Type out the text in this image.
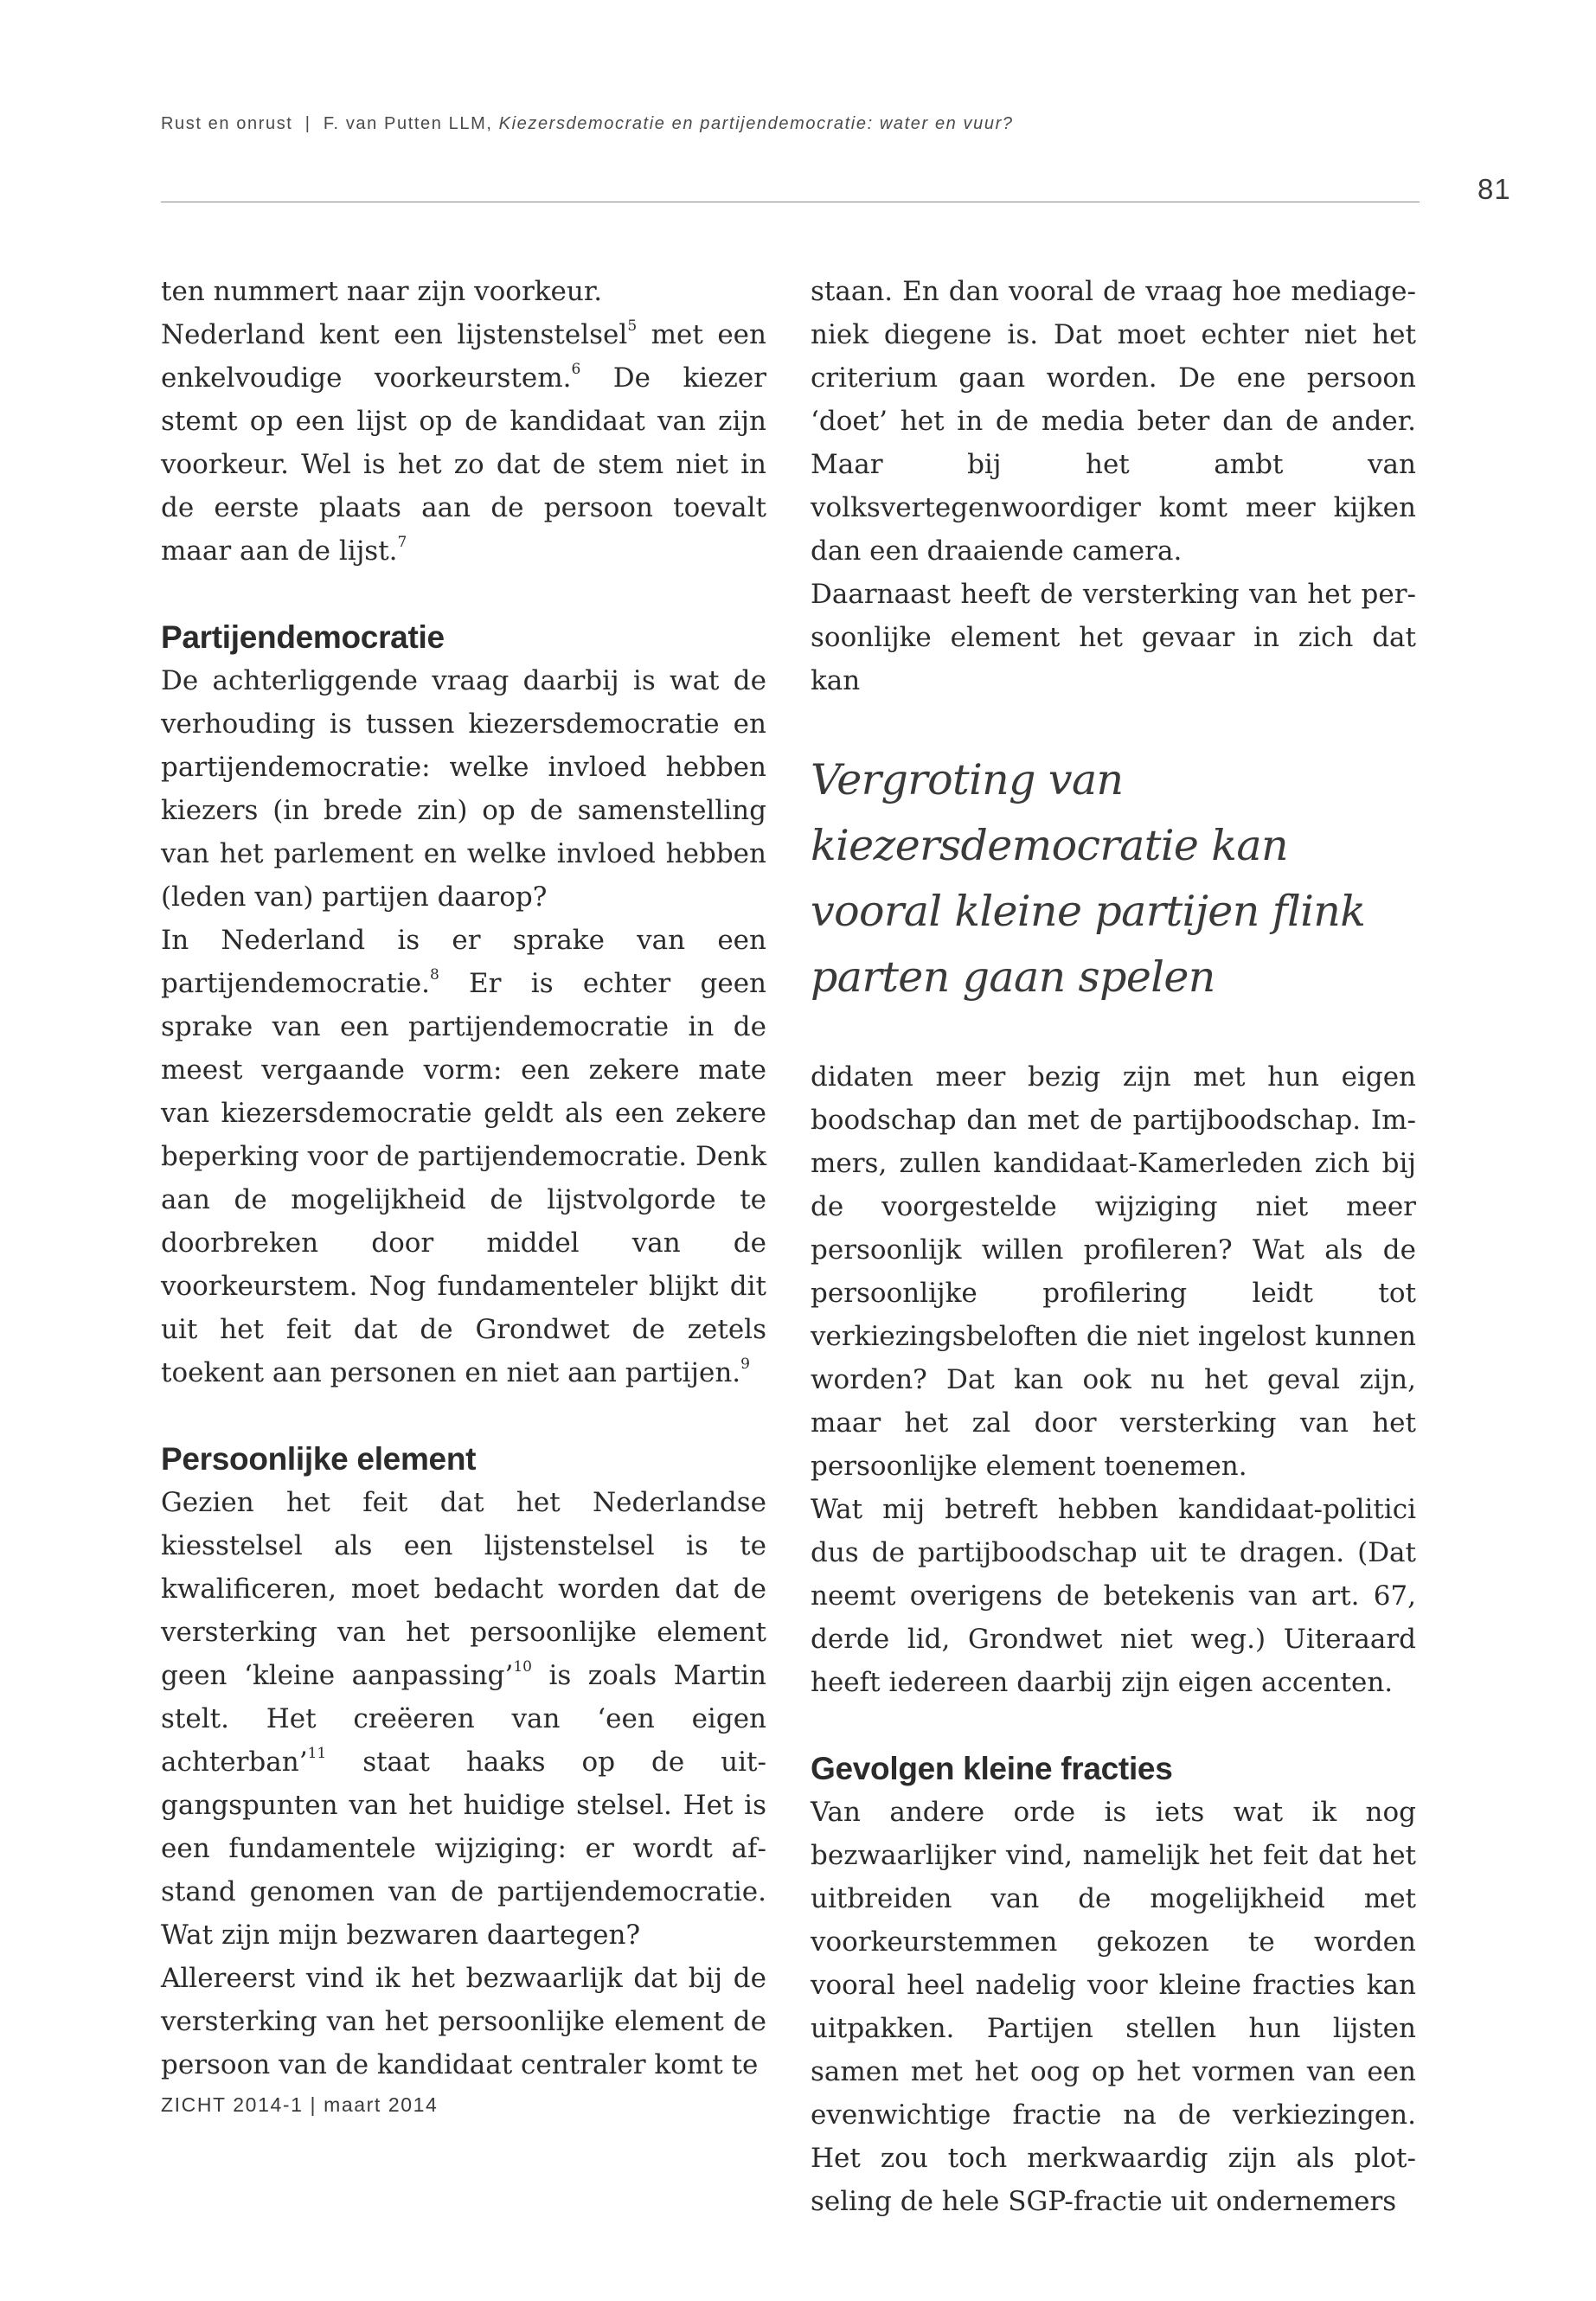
Rust en onrust | F. van Putten LLM, Kiezersdemocratie en partijendemocratie: water en vuur?
81

ten nummert naar zijn voorkeur.

Nederland kent een lijstenstelsel$^5$ met een enkelvoudige voorkeurstem.$^6$ De kiezer stemt op een lijst op de kandidaat van zijn voorkeur. Wel is het zo dat de stem niet in de eerste plaats aan de persoon toevalt maar aan de lijst.$^7$

Partijendemocratie

De achterliggende vraag daarbij is wat de verhouding is tussen kiezersdemocratie en partijendemocratie: welke invloed hebben kiezers (in brede zin) op de samenstelling van het parlement en welke invloed hebben (leden van) partijen daarop?

In Nederland is er sprake van een partijendemocratie.$^8$ Er is echter geen sprake van een partijendemocratie in de meest vergaande vorm: een zekere mate van kiezersdemocratie geldt als een zekere beperking voor de partijendemocratie. Denk aan de mogelijkheid de lijstvolgorde te doorbreken door middel van de voorkeurstem. Nog fundamenteler blijkt dit uit het feit dat de Grondwet de zetels toekent aan personen en niet aan partijen.$^9$

Persoonlijke element

Gezien het feit dat het Nederlandse kiesstelsel als een lijstenstelsel is te kwalificeren, moet bedacht worden dat de versterking van het persoonlijke element geen ‘kleine aanpassing’$^{10}$ is zoals Martin stelt. Het creëeren van ‘een eigen achterban’$^{11}$ staat haaks op de uitgangspunten van het huidige stelsel. Het is een fundamentele wijziging: er wordt afstand genomen van de partijendemocratie. Wat zijn mijn bezwaren daartegen?

Allereerst vind ik het bezwaarlijk dat bij de versterking van het persoonlijke element de persoon van de kandidaat centraler komt te

staan. En dan vooral de vraag hoe mediageniek diegene is. Dat moet echter niet het criterium gaan worden. De ene persoon ‘doet’ het in de media beter dan de ander. Maar bij het ambt van volksvertegenwoordiger komt meer kijken dan een draaiende camera.

Daarnaast heeft de versterking van het persoonlijke element het gevaar in zich dat kan

Vergroting van kiezersdemocratie kan vooral kleine partijen flink parten gaan spelen

didaten meer bezig zijn met hun eigen boodschap dan met de partijboodschap. Immers, zullen kandidaat-Kamerleden zich bij de voorgestelde wijziging niet meer persoonlijk willen profileren? Wat als de persoonlijke profilering leidt tot verkiezingsbeloften die niet ingelost kunnen worden? Dat kan ook nu het geval zijn, maar het zal door versterking van het persoonlijke element toenemen.

Wat mij betreft hebben kandidaat-politici dus de partijboodschap uit te dragen. (Dat neemt overigens de betekenis van art. 67, derde lid, Grondwet niet weg.) Uiteraard heeft iedereen daarbij zijn eigen accenten.

Gevolgen kleine fracties

Van andere orde is iets wat ik nog bezwaarlijker vind, namelijk het feit dat het uitbreiden van de mogelijkheid met voorkeurstemmen gekozen te worden vooral heel nadelig voor kleine fracties kan uitpakken. Partijen stellen hun lijsten samen met het oog op het vormen van een evenwichtige fractie na de verkiezingen. Het zou toch merkwaardig zijn als plotseling de hele SGP-fractie uit ondernemers

ZICHT 2014-1 | maart 2014
